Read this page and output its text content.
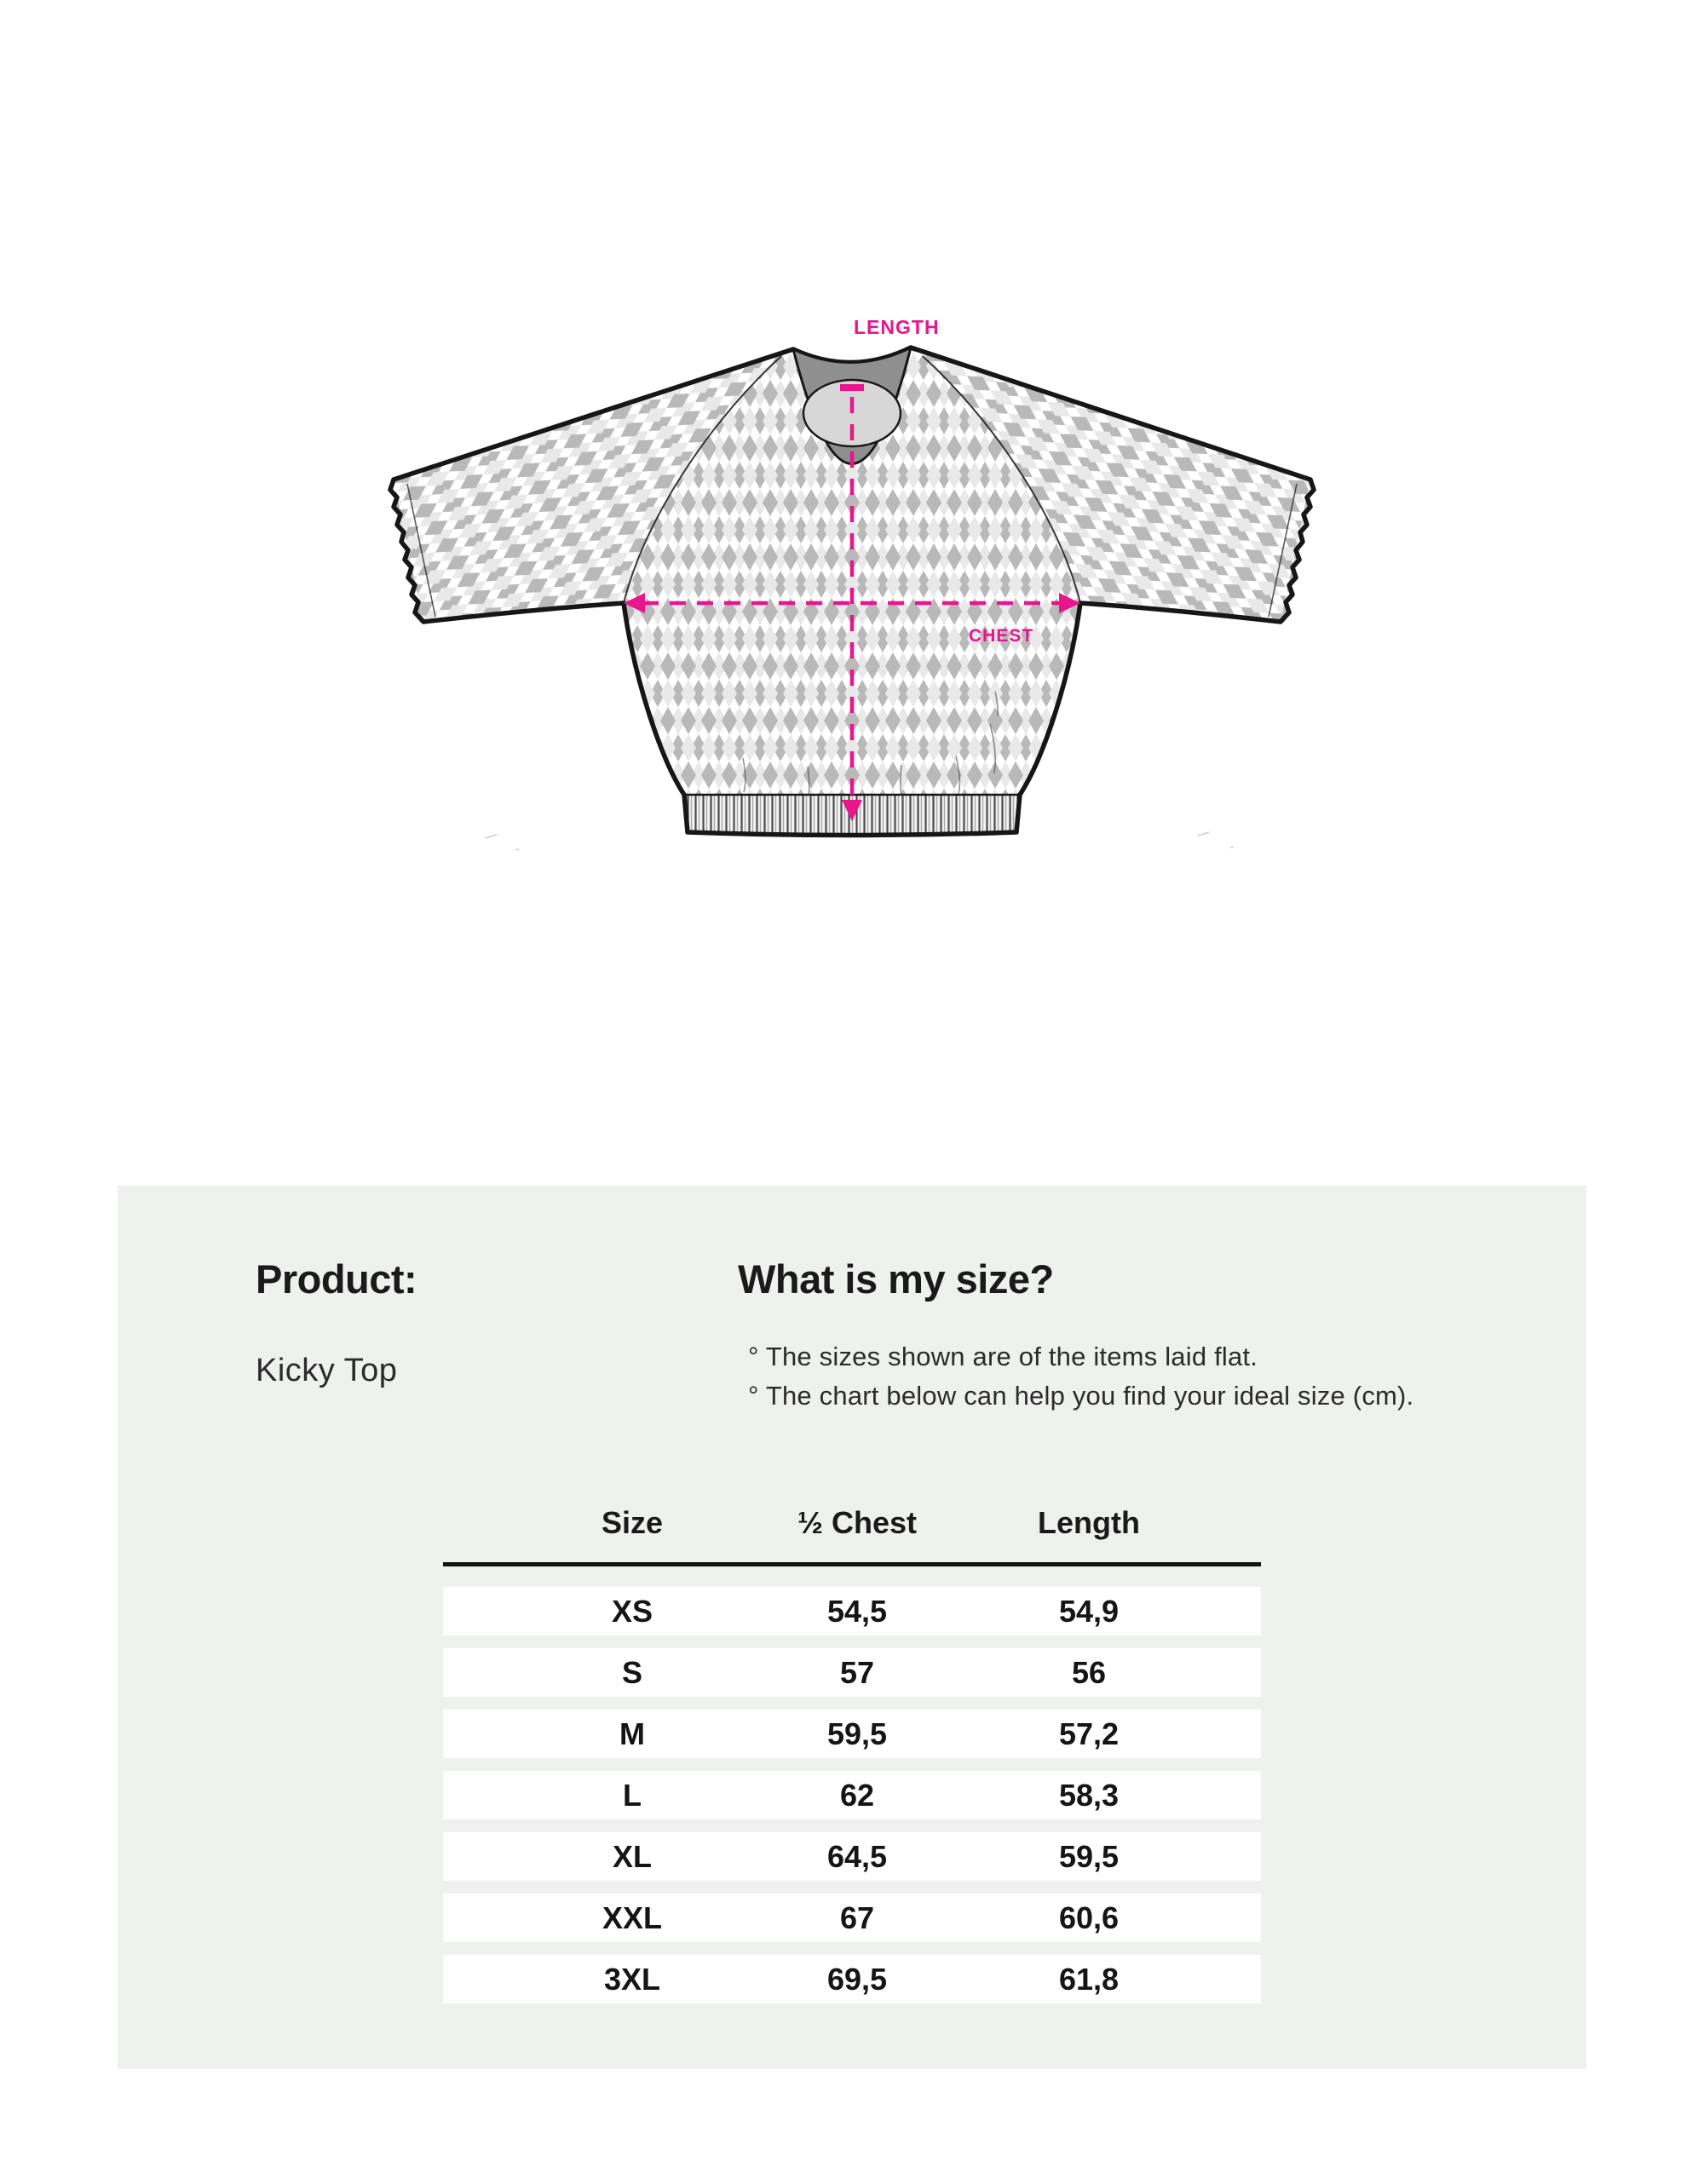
LENGTH
CHEST
Product:
Kicky Top
What is my size?
° The sizes shown are of the items laid flat.
° The chart below can help you find your ideal size (cm).
Size	½ Chest	Length
XS	54,5	54,9
S	57	56
M	59,5	57,2
L	62	58,3
XL	64,5	59,5
XXL	67	60,6
3XL	69,5	61,8
